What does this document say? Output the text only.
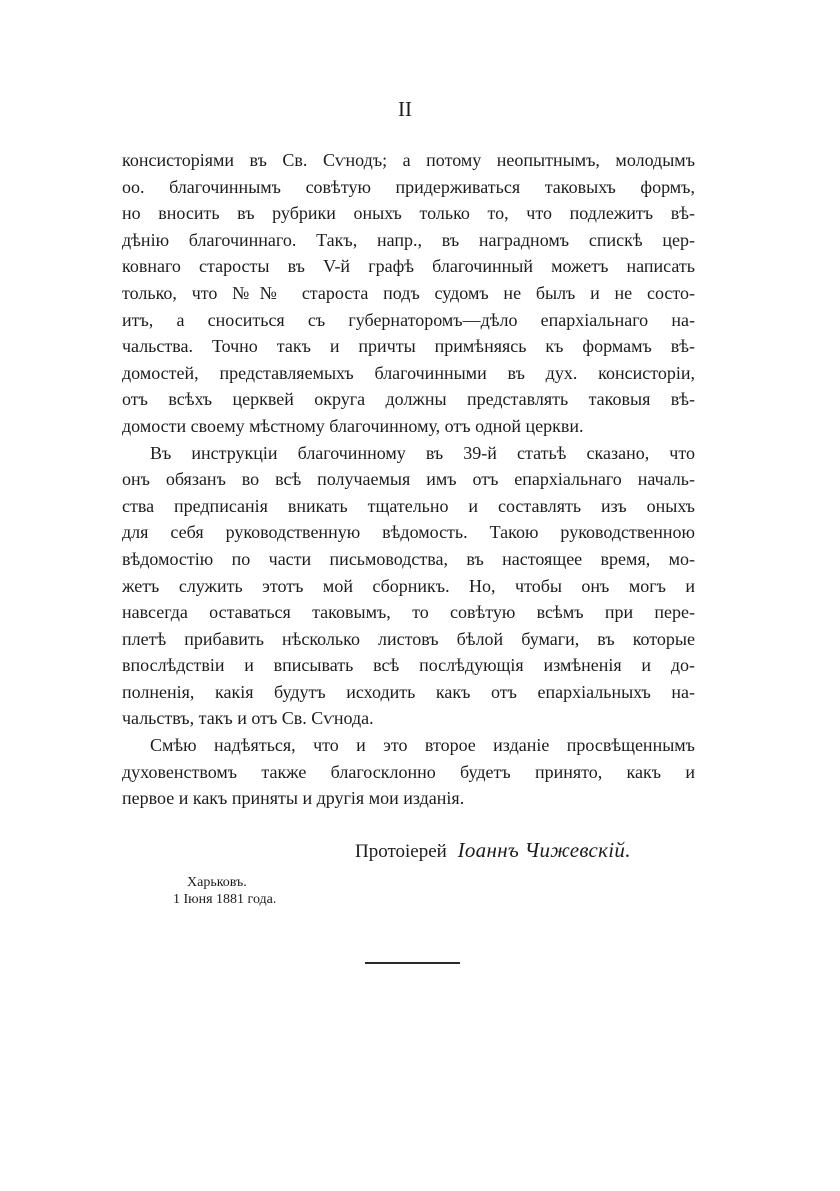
II
консисторіями въ Св. Сѵнодъ; а потому неопытнымъ, молодымъ
оо. благочиннымъ совѣтую придерживаться таковыхъ формъ,
но вносить въ рубрики оныхъ только то, что подлежитъ вѣ-
дѣнію благочиннаго. Такъ, напр., въ наградномъ спискѣ цер-
ковнаго старосты въ V-й графѣ благочинный можетъ написать
только, что №№ староста подъ судомъ не былъ и не состо-
итъ, а сноситься съ губернаторомъ—дѣло епархіальнаго на-
чальства. Точно такъ и причты примѣняясь къ формамъ вѣ-
домостей, представляемыхъ благочинными въ дух. консисторіи,
отъ всѣхъ церквей округа должны представлять таковыя вѣ-
домости своему мѣстному благочинному, отъ одной церкви.
Въ инструкціи благочинному въ 39-й статьѣ сказано, что
онъ обязанъ во всѣ получаемыя имъ отъ епархіальнаго началь-
ства предписанія вникать тщательно и составлять изъ оныхъ
для себя руководственную вѣдомость. Такою руководственною
вѣдомостію по части письмоводства, въ настоящее время, мо-
жетъ служить этотъ мой сборникъ. Но, чтобы онъ могъ и
навсегда оставаться таковымъ, то совѣтую всѣмъ при пере-
плетѣ прибавить нѣсколько листовъ бѣлой бумаги, въ которые
впослѣдствіи и вписывать всѣ послѣдующія измѣненія и до-
полненія, какія будутъ исходить какъ отъ епархіальныхъ на-
чальствъ, такъ и отъ Св. Сѵнода.
Смѣю надѣяться, что и это второе изданіе просвѣщеннымъ
духовенствомъ также благосклонно будетъ принято, какъ и
первое и какъ приняты и другія мои изданія.
Протоіерей Іоаннъ Чижевскій.
Харьковъ.
1 Іюня 1881 года.
